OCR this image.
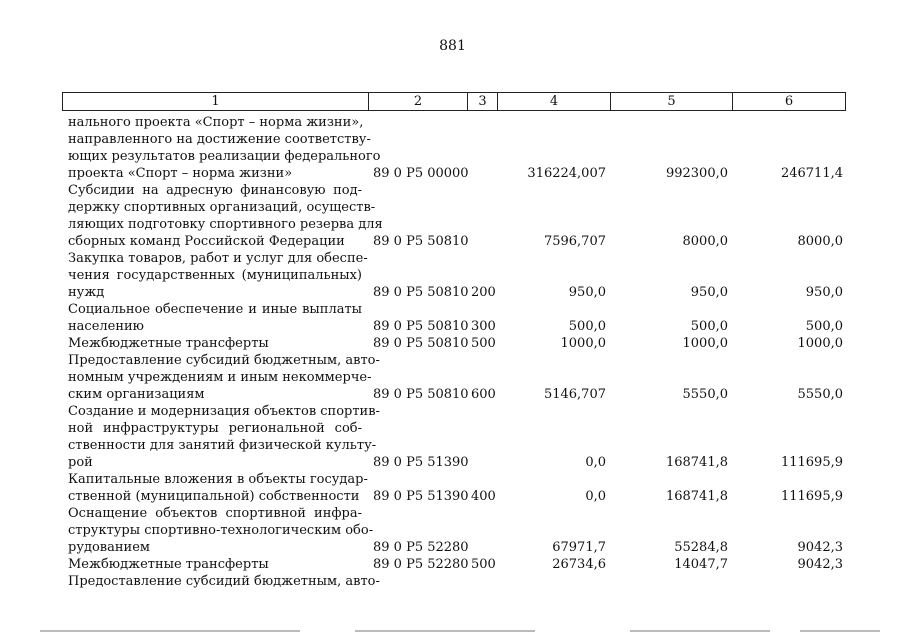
881
1	2	3	4	5	6
нального проекта «Спорт – норма жизни»,
направленного на достижение соответству-
ющих результатов реализации федерального
проекта «Спорт – норма жизни»	89 0 P5 00000	316224,007	992300,0	246711,4
Субсидии на адресную финансовую под-
держку спортивных организаций, осуществ-
ляющих подготовку спортивного резерва для
сборных команд Российской Федерации	89 0 P5 50810	7596,707	8000,0	8000,0
Закупка товаров, работ и услуг для обеспе-
чения государственных (муниципальных)
нужд	89 0 P5 50810 200	950,0	950,0	950,0
Социальное обеспечение и иные выплаты
населению	89 0 P5 50810 300	500,0	500,0	500,0
Межбюджетные трансферты	89 0 P5 50810 500	1000,0	1000,0	1000,0
Предоставление субсидий бюджетным, авто-
номным учреждениям и иным некоммерче-
ским организациям	89 0 P5 50810 600	5146,707	5550,0	5550,0
Создание и модернизация объектов спортив-
ной инфраструктуры региональной соб-
ственности для занятий физической культу-
рой	89 0 P5 51390	0,0	168741,8	111695,9
Капитальные вложения в объекты государ-
ственной (муниципальной) собственности 89 0 P5 51390 400	0,0	168741,8	111695,9
Оснащение объектов спортивной инфра-
структуры спортивно-технологическим обо-
рудованием	89 0 P5 52280	67971,7	55284,8	9042,3
Межбюджетные трансферты	89 0 P5 52280 500	26734,6	14047,7	9042,3
Предоставление субсидий бюджетным, авто-
